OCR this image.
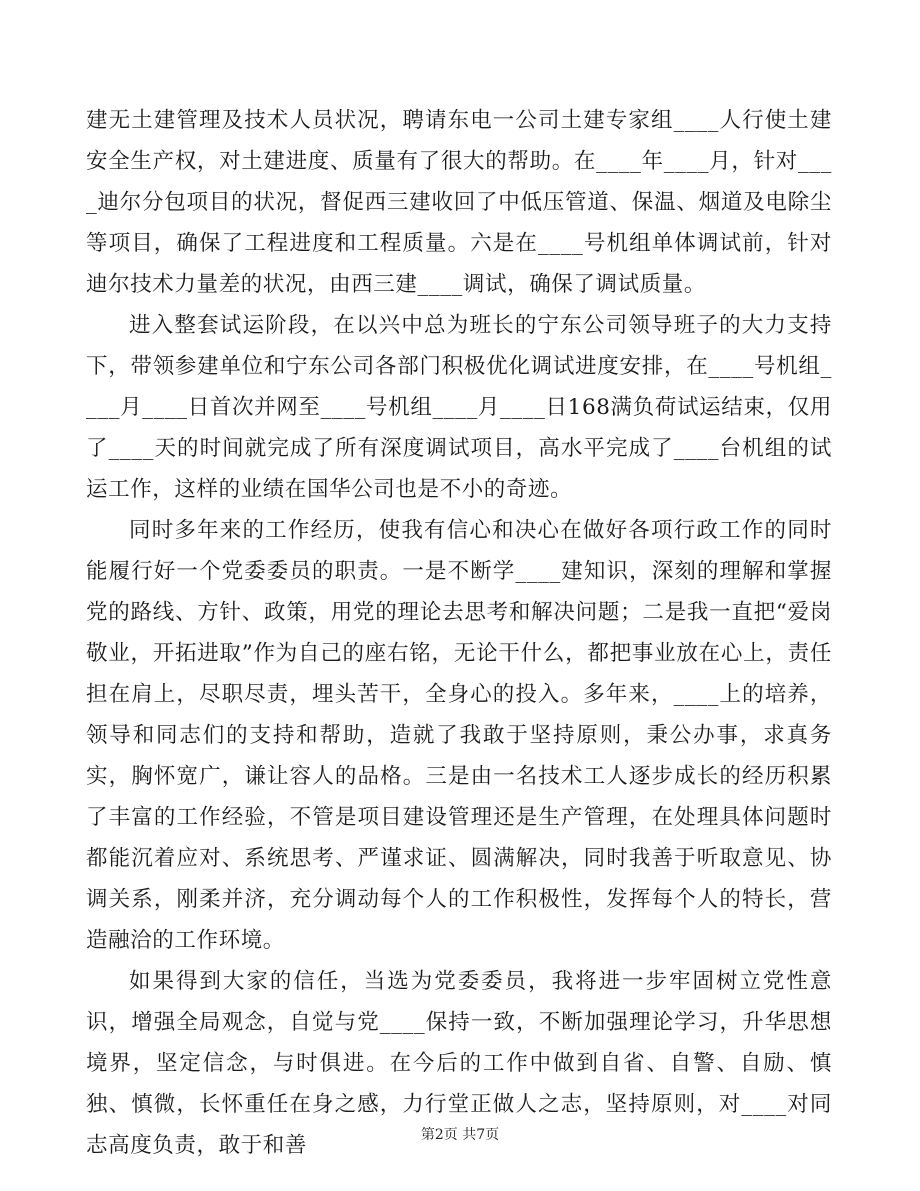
建无土建管理及技术人员状况，聘请东电一公司土建专家组____人行使土建安全生产权，对土建进度、质量有了很大的帮助。在____年____月，针对____迪尔分包项目的状况，督促西三建收回了中低压管道、保温、烟道及电除尘等项目，确保了工程进度和工程质量。六是在____号机组单体调试前，针对迪尔技术力量差的状况，由西三建____调试，确保了调试质量。

进入整套试运阶段，在以兴中总为班长的宁东公司领导班子的大力支持下，带领参建单位和宁东公司各部门积极优化调试进度安排，在____号机组____月____日首次并网至____号机组____月____日168满负荷试运结束，仅用了____天的时间就完成了所有深度调试项目，高水平完成了____台机组的试运工作，这样的业绩在国华公司也是不小的奇迹。

同时多年来的工作经历，使我有信心和决心在做好各项行政工作的同时能履行好一个党委委员的职责。一是不断学____建知识，深刻的理解和掌握党的路线、方针、政策，用党的理论去思考和解决问题；二是我一直把“爱岗敬业，开拓进取”作为自己的座右铭，无论干什么，都把事业放在心上，责任担在肩上，尽职尽责，埋头苦干，全身心的投入。多年来，____上的培养，领导和同志们的支持和帮助，造就了我敢于坚持原则，秉公办事，求真务实，胸怀宽广，谦让容人的品格。三是由一名技术工人逐步成长的经历积累了丰富的工作经验，不管是项目建设管理还是生产管理，在处理具体问题时都能沉着应对、系统思考、严谨求证、圆满解决，同时我善于听取意见、协调关系，刚柔并济，充分调动每个人的工作积极性，发挥每个人的特长，营造融洽的工作环境。

如果得到大家的信任，当选为党委委员，我将进一步牢固树立党性意识，增强全局观念，自觉与党____保持一致，不断加强理论学习，升华思想境界，坚定信念，与时俱进。在今后的工作中做到自省、自警、自励、慎独、慎微，长怀重任在身之感，力行堂正做人之志，坚持原则，对____对同志高度负责，敢于和善	第2页 共7页
